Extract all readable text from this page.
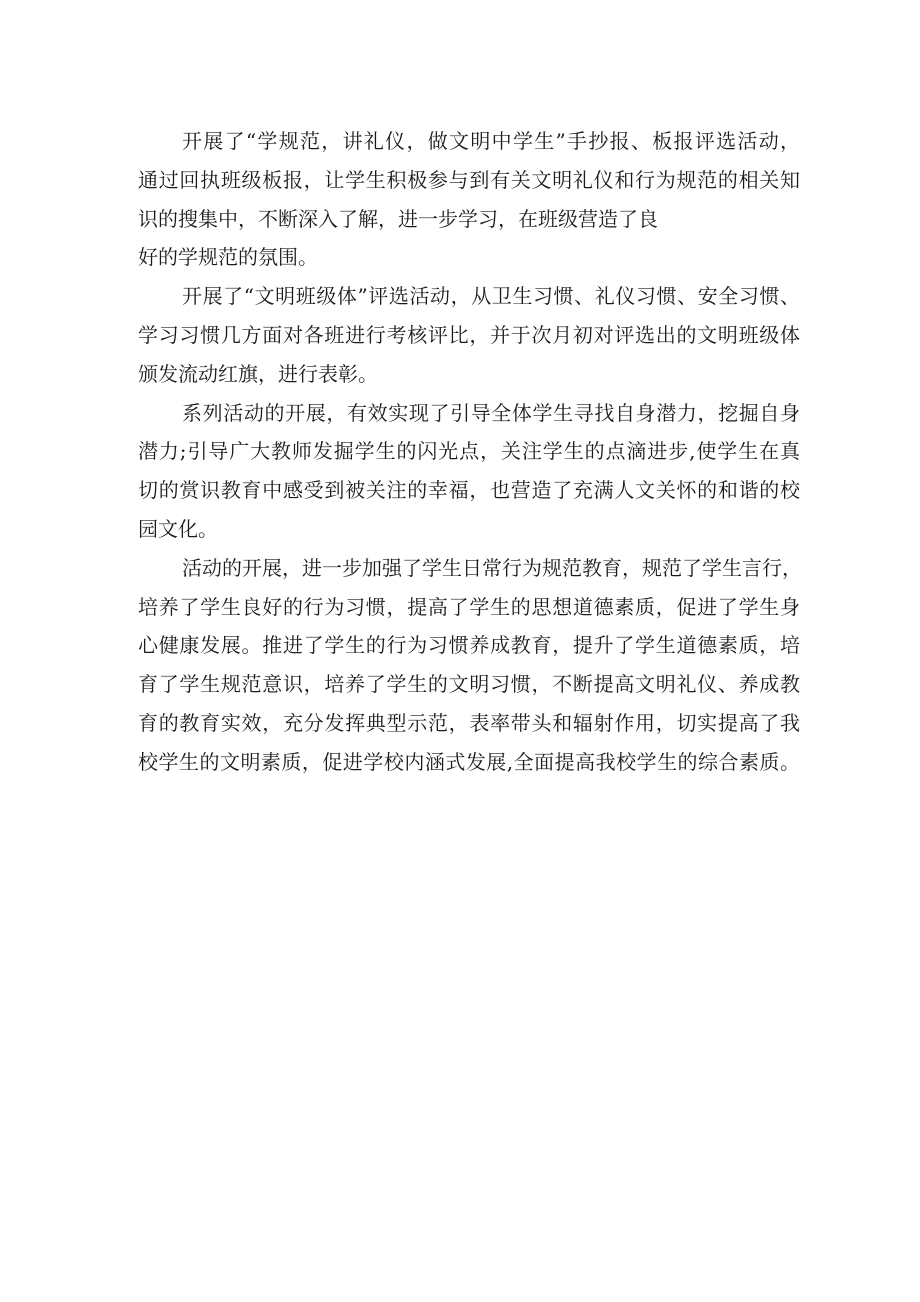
开展了“学规范，讲礼仪，做文明中学生”手抄报、板报评选活动，
通过回执班级板报，让学生积极参与到有关文明礼仪和行为规范的相关知
识的搜集中，不断深入了解，进一步学习，在班级营造了良
好的学规范的氛围。
开展了“文明班级体”评选活动，从卫生习惯、礼仪习惯、安全习惯、
学习习惯几方面对各班进行考核评比，并于次月初对评选出的文明班级体
颁发流动红旗，进行表彰。
系列活动的开展，有效实现了引导全体学生寻找自身潜力，挖掘自身
潜力;引导广大教师发掘学生的闪光点，关注学生的点滴进步,使学生在真
切的赏识教育中感受到被关注的幸福，也营造了充满人文关怀的和谐的校
园文化。
活动的开展，进一步加强了学生日常行为规范教育，规范了学生言行，
培养了学生良好的行为习惯，提高了学生的思想道德素质，促进了学生身
心健康发展。推进了学生的行为习惯养成教育，提升了学生道德素质，培
育了学生规范意识，培养了学生的文明习惯，不断提高文明礼仪、养成教
育的教育实效，充分发挥典型示范，表率带头和辐射作用，切实提高了我
校学生的文明素质，促进学校内涵式发展,全面提高我校学生的综合素质。
